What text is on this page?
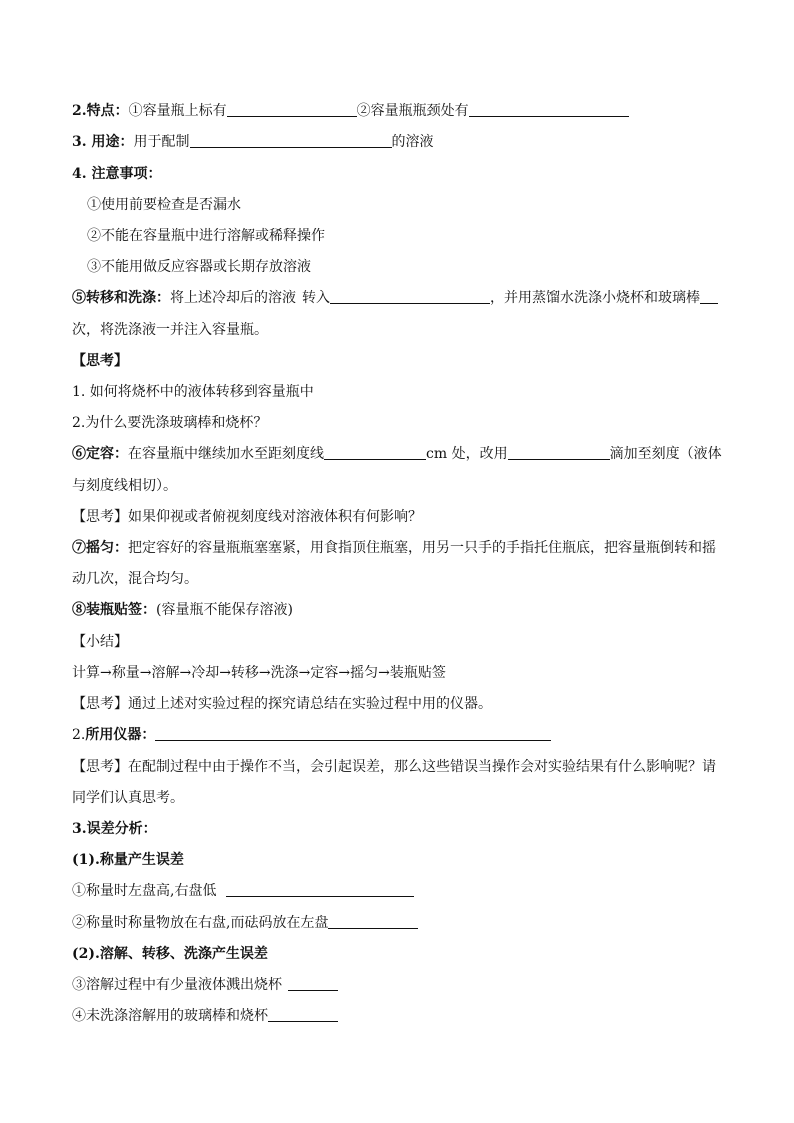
2.特点：①容量瓶上标有	②容量瓶瓶颈处有
3. 用途：用于配制	的溶液
4. 注意事项：
①使用前要检查是否漏水
②不能在容量瓶中进行溶解或稀释操作
③不能用做反应容器或长期存放溶液
⑤转移和洗涤：将上述冷却后的溶液 转入	，并用蒸馏水洗涤小烧杯和玻璃棒
次，将洗涤液一并注入容量瓶。
【思考】
1. 如何将烧杯中的液体转移到容量瓶中
2.为什么要洗涤玻璃棒和烧杯？
⑥定容：在容量瓶中继续加水至距刻度线	cm 处，改用	滴加至刻度（液体
与刻度线相切）。
【思考】如果仰视或者俯视刻度线对溶液体积有何影响？
⑦摇匀：把定容好的容量瓶瓶塞塞紧，用食指顶住瓶塞，用另一只手的手指托住瓶底，把容量瓶倒转和摇
动几次，混合均匀。
⑧装瓶贴签：(容量瓶不能保存溶液)
【小结】
计算→称量→溶解→冷却→转移→洗涤→定容→摇匀→装瓶贴签
【思考】通过上述对实验过程的探究请总结在实验过程中用的仪器。
2.所用仪器：
【思考】在配制过程中由于操作不当，会引起误差，那么这些错误当操作会对实验结果有什么影响呢？请
同学们认真思考。
3.误差分析：
(1).称量产生误差
①称量时左盘高,右盘低
②称量时称量物放在右盘,而砝码放在左盘
(2).溶解、转移、洗涤产生误差
③溶解过程中有少量液体溅出烧杯
④未洗涤溶解用的玻璃棒和烧杯
